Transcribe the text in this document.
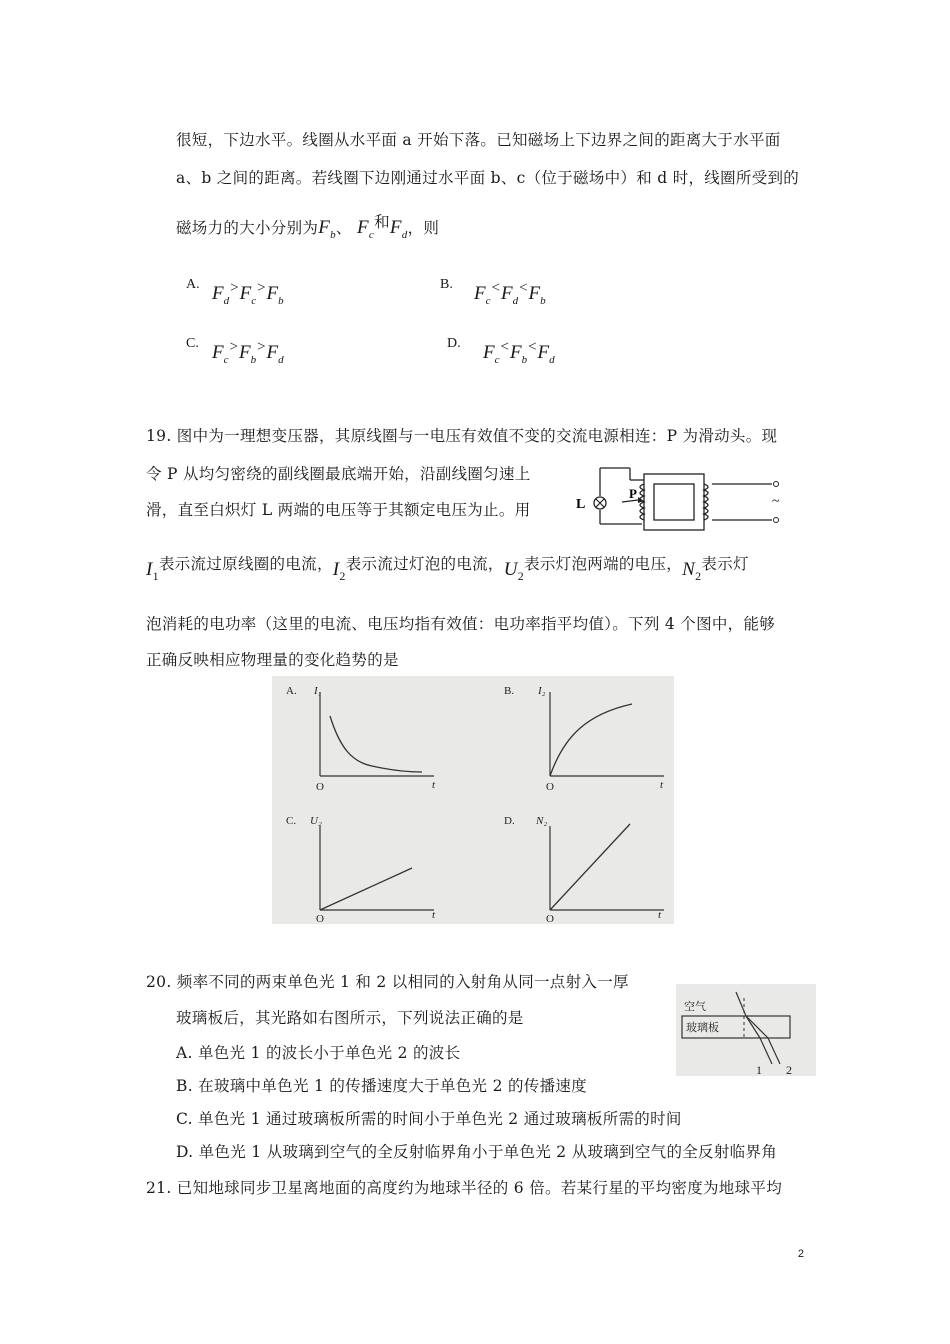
很短，下边水平。线圈从水平面 a 开始下落。已知磁场上下边界之间的距离大于水平面
a、b 之间的距离。若线圈下边刚通过水平面 b、c（位于磁场中）和 d 时，线圈所受到的
磁场力的大小分别为$F_b$、 $F_c$和$F_d$，则
A. $F_d>F_c>F_b$
B. $F_c<F_d<F_b$
C. $F_c>F_b>F_d$
D. $F_c<F_b<F_d$
19. 图中为一理想变压器，其原线圈与一电压有效值不变的交流电源相连：P 为滑动头。现
令 P 从均匀密绕的副线圈最底端开始，沿副线圈匀速上
滑，直至白炽灯 L 两端的电压等于其额定电压为止。用	L
P
~
$I_1$表示流过原线圈的电流，$I_2$表示流过灯泡的电流，$U_2$表示灯泡两端的电压，$N_2$表示灯
泡消耗的电功率（这里的电流、电压均指有效值：电功率指平均值）。下列 4 个图中，能够
正确反映相应物理量的变化趋势的是
A. I₁
O	t
B. I₂
O	t
C. U₂
O	t
D. N₂
O	t
20. 频率不同的两束单色光 1 和 2 以相同的入射角从同一点射入一厚
玻璃板后，其光路如右图所示，下列说法正确的是
A. 单色光 1 的波长小于单色光 2 的波长
B. 在玻璃中单色光 1 的传播速度大于单色光 2 的传播速度
C. 单色光 1 通过玻璃板所需的时间小于单色光 2 通过玻璃板所需的时间
D. 单色光 1 从玻璃到空气的全反射临界角小于单色光 2 从玻璃到空气的全反射临界角
空气
玻璃板
1 2
21. 已知地球同步卫星离地面的高度约为地球半径的 6 倍。若某行星的平均密度为地球平均
2
